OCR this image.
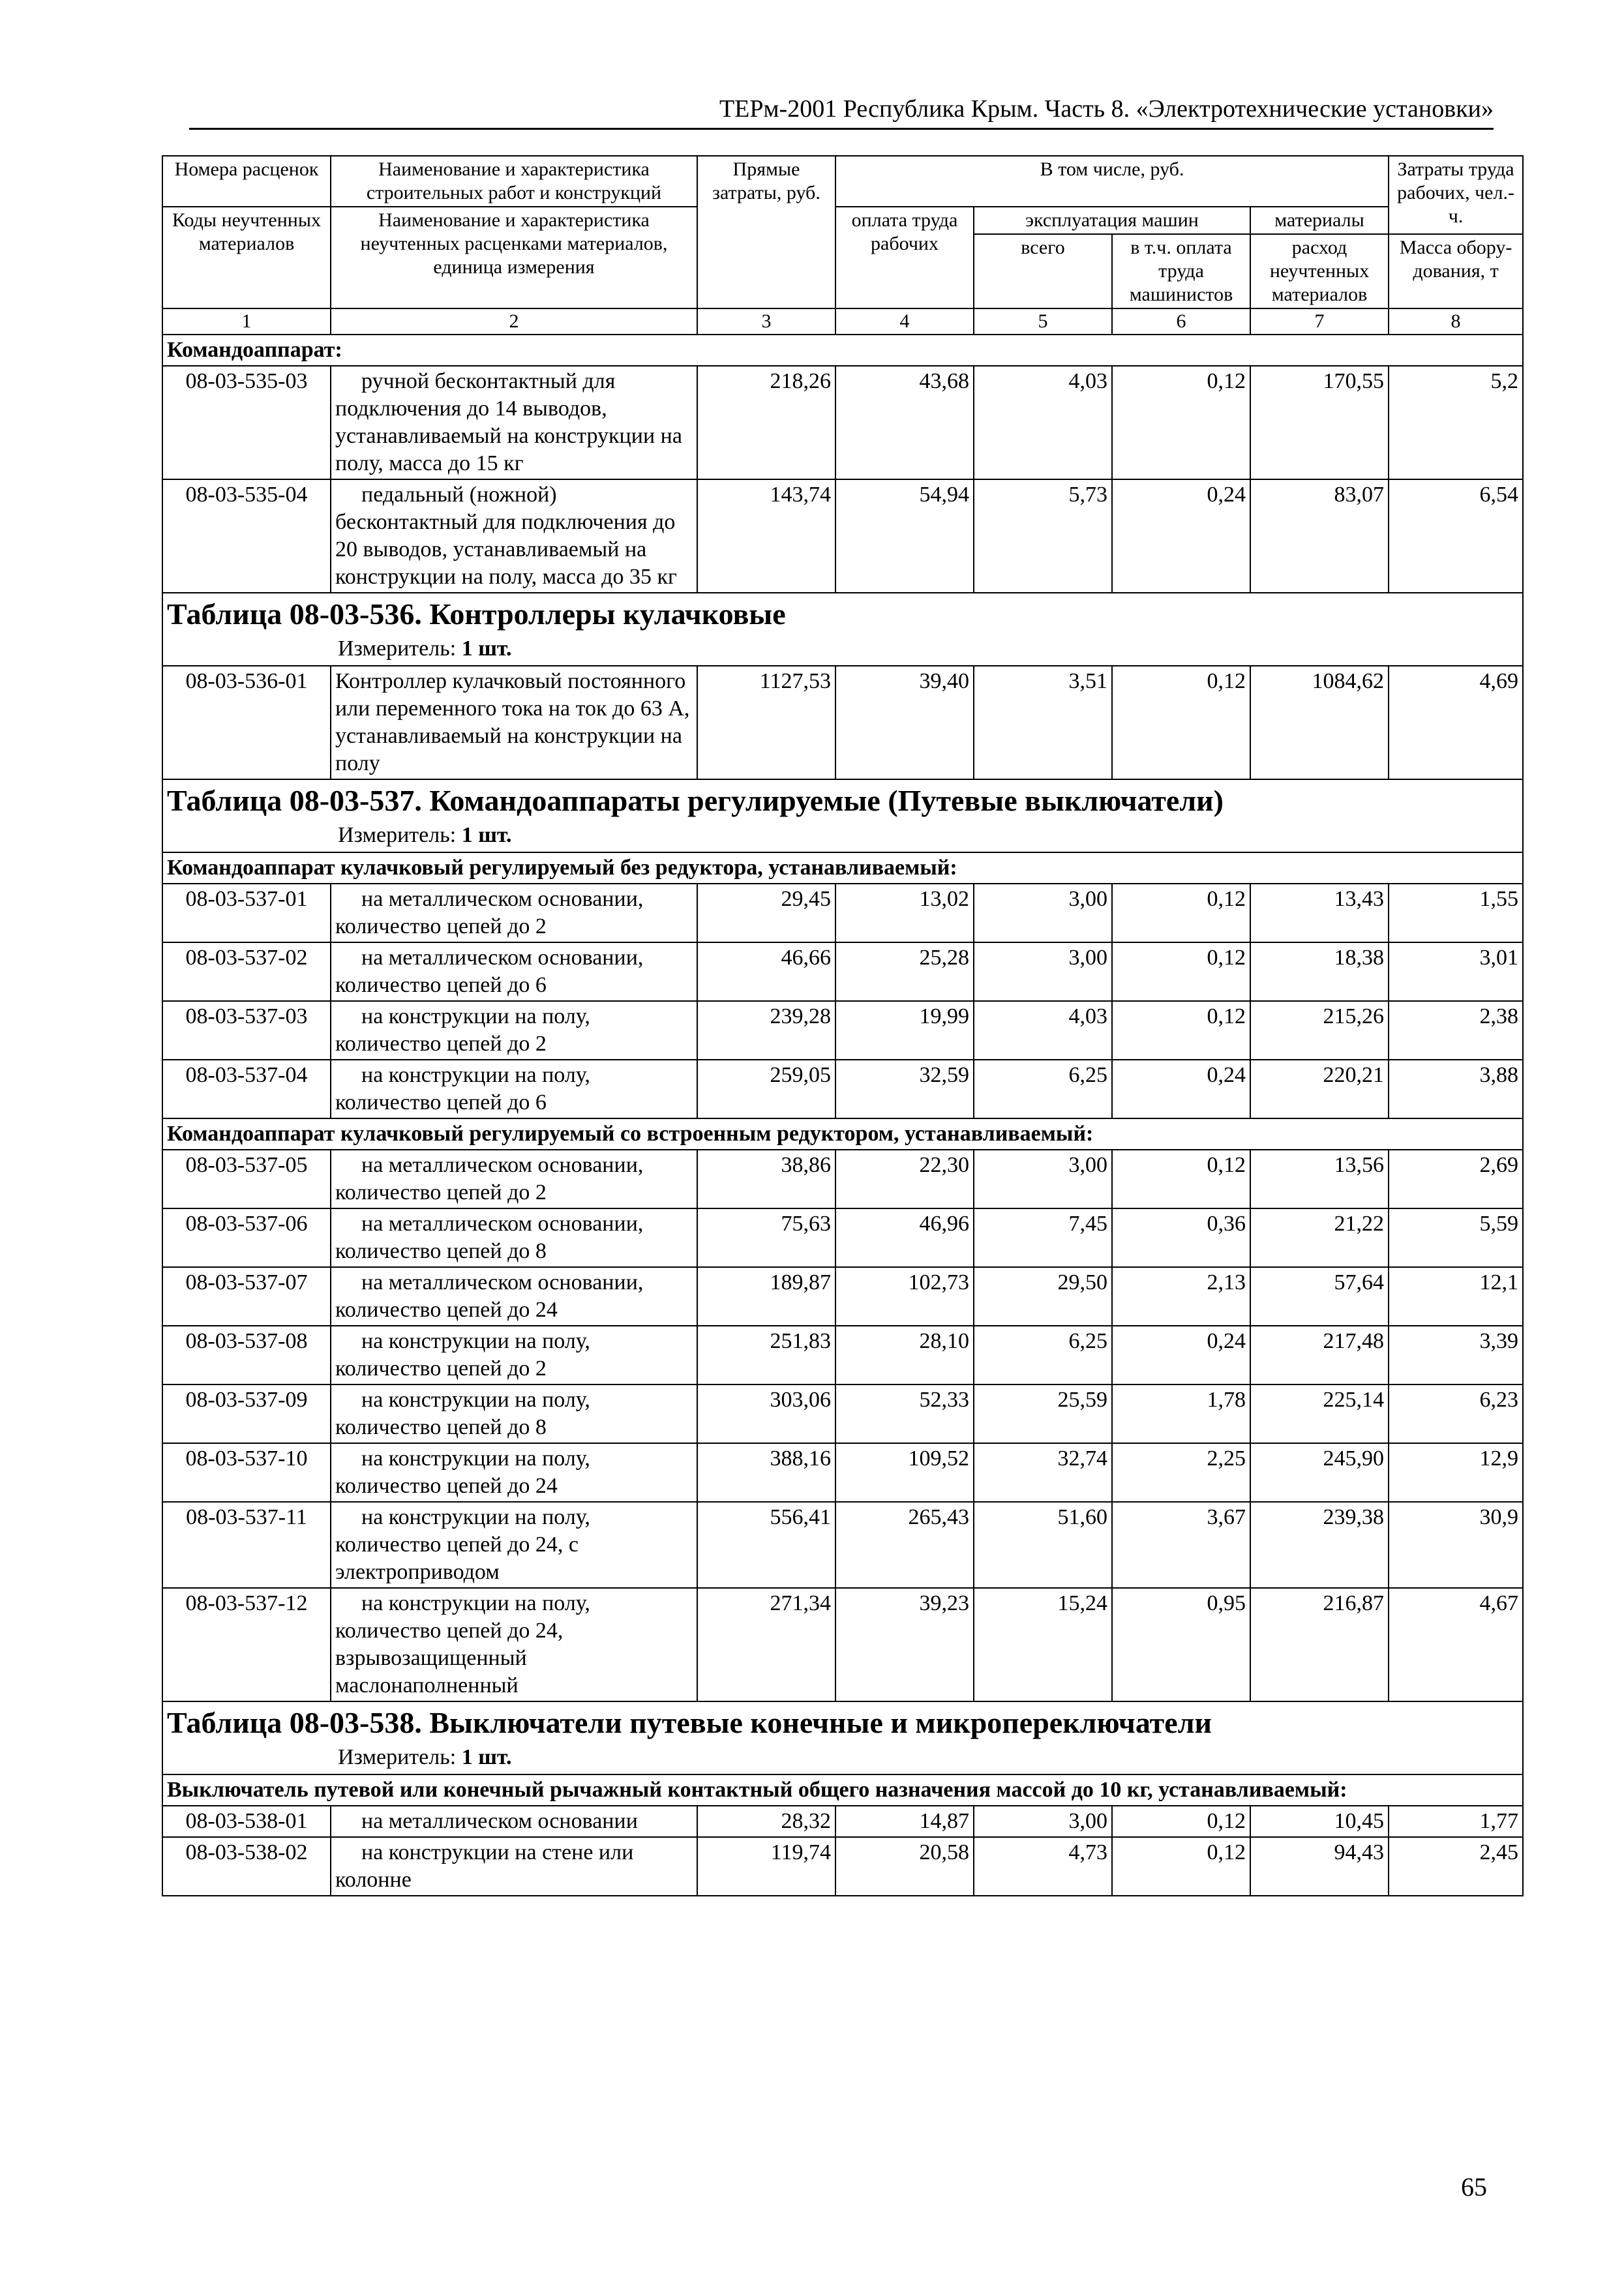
ТЕРм-2001 Республика Крым. Часть 8. «Электротехнические установки»
Номера расценок	Наименование и характеристика строительных работ и конструкций	Прямые затраты, руб.	В том числе, руб.				Затраты труда рабочих, чел.-ч.
Коды неучтенных материалов	Наименование и характеристика неучтенных расценками материалов, единица измерения		оплата труда рабочих	эксплуатация машин		материалы	
				всего	в т.ч. оплата труда машинистов	расход неучтенных материалов	Масса обору- дования, т
1	2	3	4	5	6	7	8
Командоаппарат:							
08-03-535-03	ручной бесконтактный для подключения до 14 выводов, устанавливаемый на конструкции на полу, масса до 15 кг	218,26	43,68	4,03	0,12	170,55	5,2
08-03-535-04	педальный (ножной) бесконтактный для подключения до 20 выводов, устанавливаемый на конструкции на полу, масса до 35 кг	143,74	54,94	5,73	0,24	83,07	6,54

Таблица 08-03-536. Контроллеры кулачковые
Измеритель: 1 шт.							

08-03-536-01	Контроллер кулачковый постоянного или переменного тока на ток до 63 А, устанавливаемый на конструкции на полу	1127,53	39,40	3,51	0,12	1084,62	4,69

Таблица 08-03-537. Командоаппараты регулируемые (Путевые выключатели)
Измеритель: 1 шт.							

Командоаппарат кулачковый регулируемый без редуктора, устанавливаемый:							
08-03-537-01	на металлическом основании, количество цепей до 2	29,45	13,02	3,00	0,12	13,43	1,55
08-03-537-02	на металлическом основании, количество цепей до 6	46,66	25,28	3,00	0,12	18,38	3,01
08-03-537-03	на конструкции на полу, количество цепей до 2	239,28	19,99	4,03	0,12	215,26	2,38
08-03-537-04	на конструкции на полу, количество цепей до 6	259,05	32,59	6,25	0,24	220,21	3,88
Командоаппарат кулачковый регулируемый со встроенным редуктором, устанавливаемый:							
08-03-537-05	на металлическом основании, количество цепей до 2	38,86	22,30	3,00	0,12	13,56	2,69
08-03-537-06	на металлическом основании, количество цепей до 8	75,63	46,96	7,45	0,36	21,22	5,59
08-03-537-07	на металлическом основании, количество цепей до 24	189,87	102,73	29,50	2,13	57,64	12,1
08-03-537-08	на конструкции на полу, количество цепей до 2	251,83	28,10	6,25	0,24	217,48	3,39
08-03-537-09	на конструкции на полу, количество цепей до 8	303,06	52,33	25,59	1,78	225,14	6,23
08-03-537-10	на конструкции на полу, количество цепей до 24	388,16	109,52	32,74	2,25	245,90	12,9
08-03-537-11	на конструкции на полу, количество цепей до 24, с электроприводом	556,41	265,43	51,60	3,67	239,38	30,9
08-03-537-12	на конструкции на полу, количество цепей до 24, взрывозащищенный маслонаполненный	271,34	39,23	15,24	0,95	216,87	4,67

Таблица 08-03-538. Выключатели путевые конечные и микропереключатели
Измеритель: 1 шт.							

Выключатель путевой или конечный рычажный контактный общего назначения массой до 10 кг, устанавливаемый:							
08-03-538-01	на металлическом основании	28,32	14,87	3,00	0,12	10,45	1,77
08-03-538-02	на конструкции на стене или колонне	119,74	20,58	4,73	0,12	94,43	2,45
65
